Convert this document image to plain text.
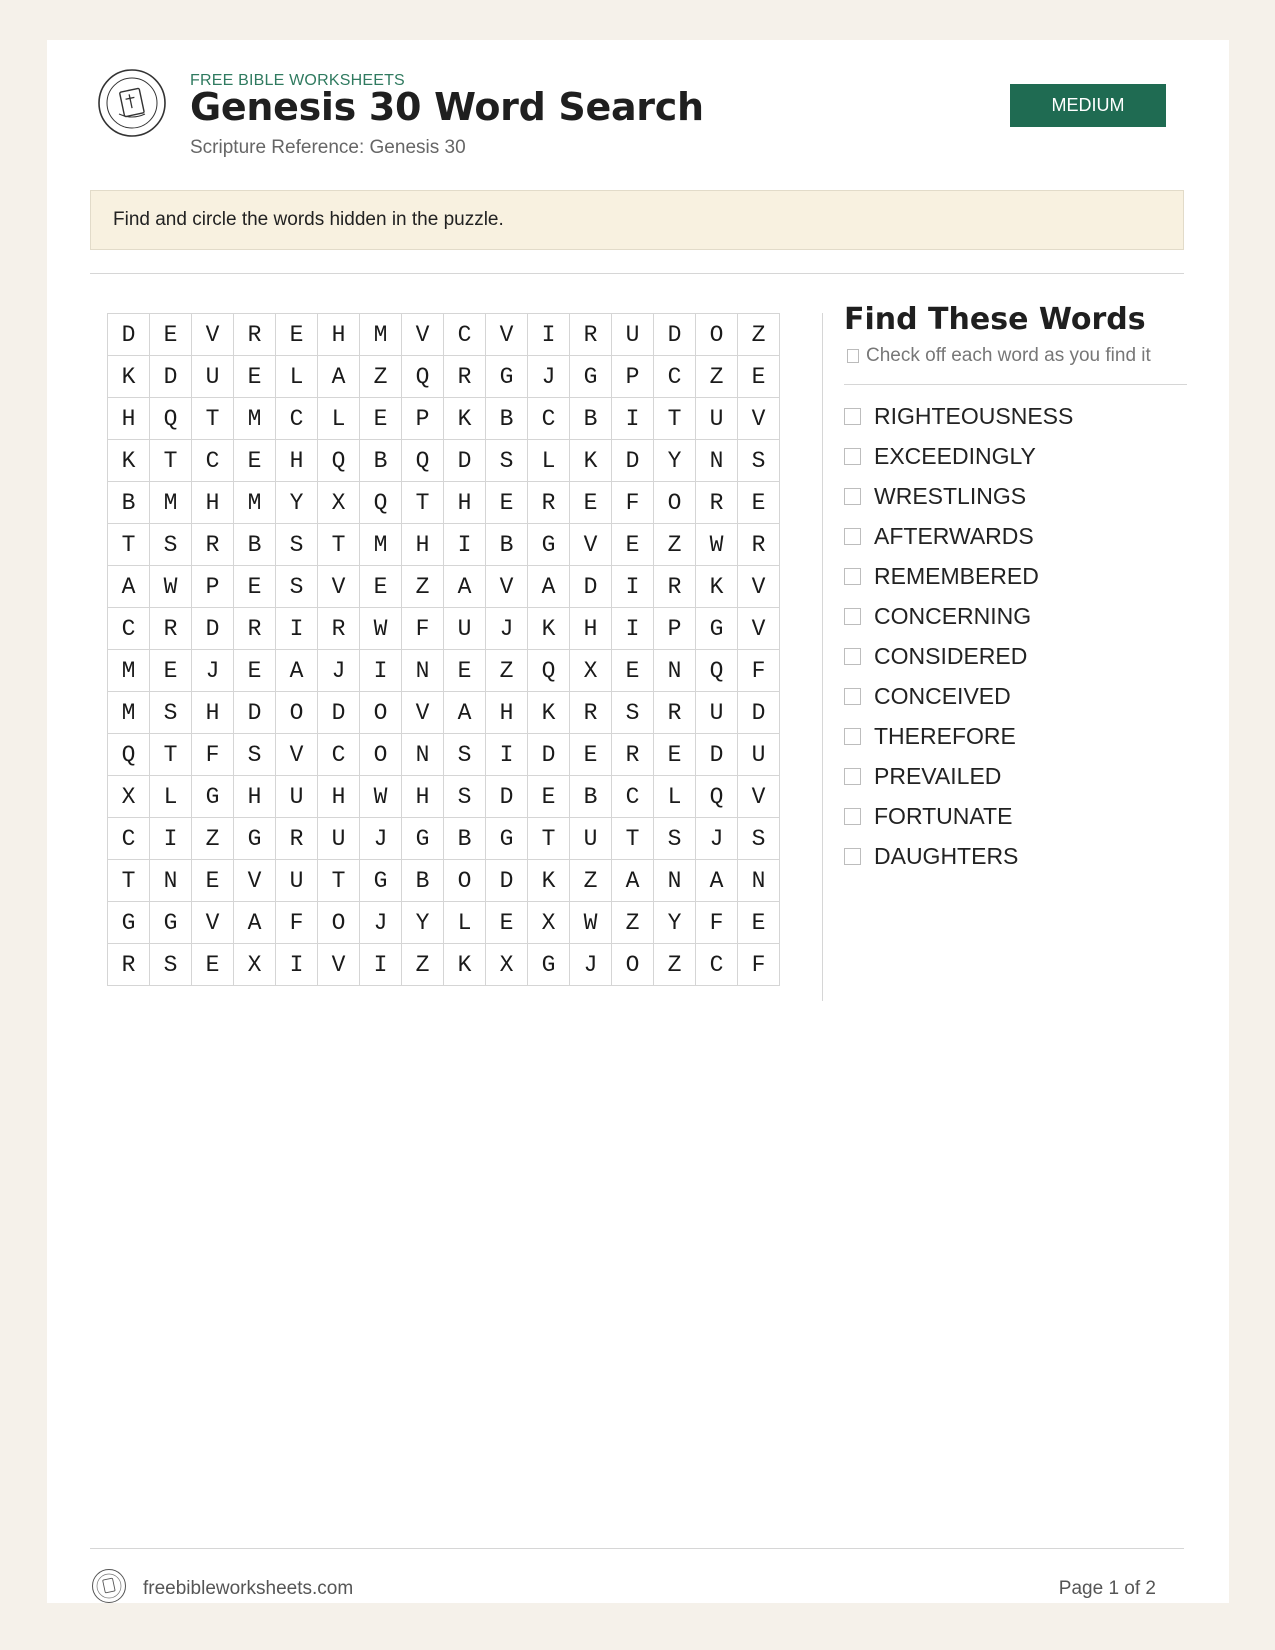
FREE BIBLE WORKSHEETS
Genesis 30 Word Search
Scripture Reference: Genesis 30
MEDIUM
Find and circle the words hidden in the puzzle.
D	E	V	R	E	H	M	V	C	V	I	R	U	D	O	Z
K	D	U	E	L	A	Z	Q	R	G	J	G	P	C	Z	E
H	Q	T	M	C	L	E	P	K	B	C	B	I	T	U	V
K	T	C	E	H	Q	B	Q	D	S	L	K	D	Y	N	S
B	M	H	M	Y	X	Q	T	H	E	R	E	F	O	R	E
T	S	R	B	S	T	M	H	I	B	G	V	E	Z	W	R
A	W	P	E	S	V	E	Z	A	V	A	D	I	R	K	V
C	R	D	R	I	R	W	F	U	J	K	H	I	P	G	V
M	E	J	E	A	J	I	N	E	Z	Q	X	E	N	Q	F
M	S	H	D	O	D	O	V	A	H	K	R	S	R	U	D
Q	T	F	S	V	C	O	N	S	I	D	E	R	E	D	U
X	L	G	H	U	H	W	H	S	D	E	B	C	L	Q	V
C	I	Z	G	R	U	J	G	B	G	T	U	T	S	J	S
T	N	E	V	U	T	G	B	O	D	K	Z	A	N	A	N
G	G	V	A	F	O	J	Y	L	E	X	W	Z	Y	F	E
R	S	E	X	I	V	I	Z	K	X	G	J	O	Z	C	F
Find These Words
Check off each word as you find it
RIGHTEOUSNESS
EXCEEDINGLY
WRESTLINGS
AFTERWARDS
REMEMBERED
CONCERNING
CONSIDERED
CONCEIVED
THEREFORE
PREVAILED
FORTUNATE
DAUGHTERS
freebibleworksheets.com	Page 1 of 2
